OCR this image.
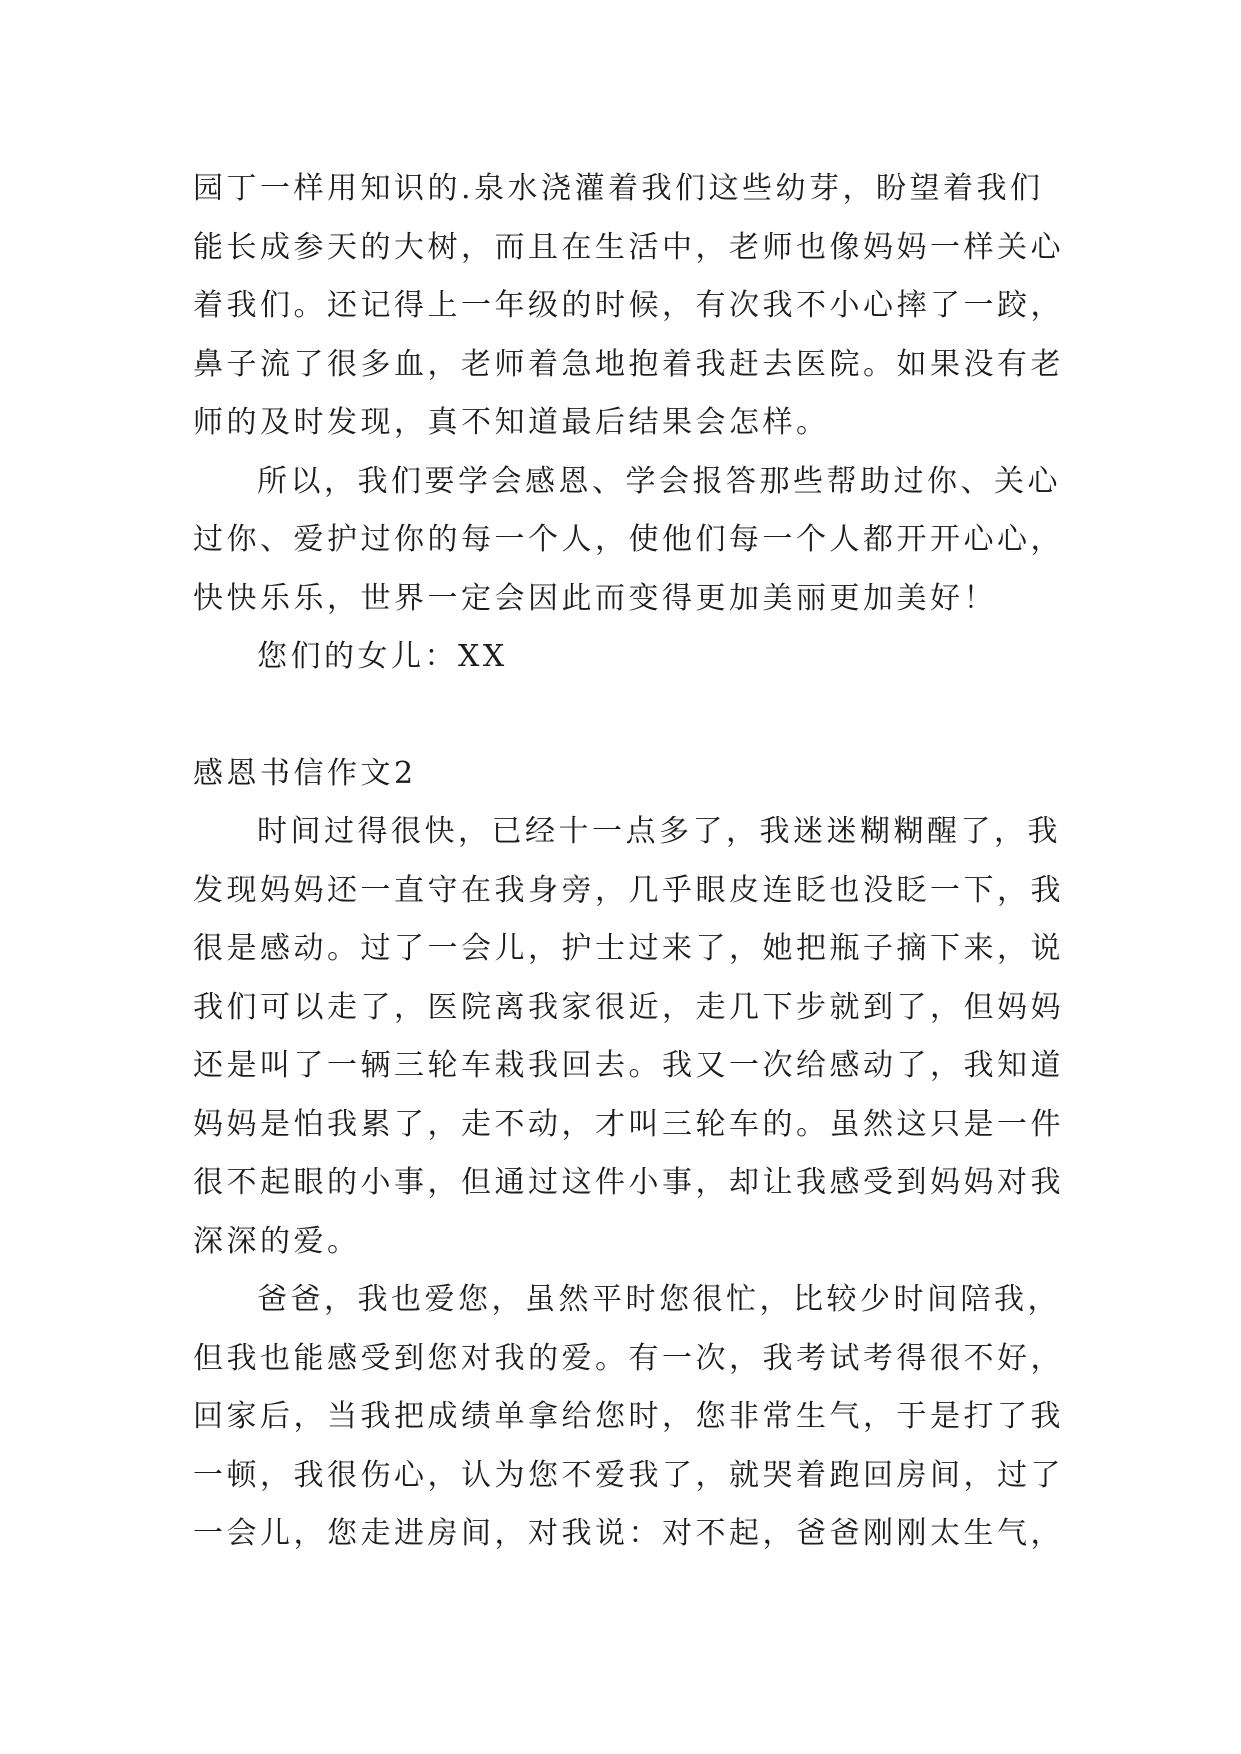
园丁一样用知识的.泉水浇灌着我们这些幼芽，盼望着我们
能长成参天的大树，而且在生活中，老师也像妈妈一样关心
着我们。还记得上一年级的时候，有次我不小心摔了一跤，
鼻子流了很多血，老师着急地抱着我赶去医院。如果没有老
师的及时发现，真不知道最后结果会怎样。
所以，我们要学会感恩、学会报答那些帮助过你、关心
过你、爱护过你的每一个人，使他们每一个人都开开心心，
快快乐乐，世界一定会因此而变得更加美丽更加美好！
您们的女儿：XX
感恩书信作文2
时间过得很快，已经十一点多了，我迷迷糊糊醒了，我
发现妈妈还一直守在我身旁，几乎眼皮连眨也没眨一下，我
很是感动。过了一会儿，护士过来了，她把瓶子摘下来，说
我们可以走了，医院离我家很近，走几下步就到了，但妈妈
还是叫了一辆三轮车栽我回去。我又一次给感动了，我知道
妈妈是怕我累了，走不动，才叫三轮车的。虽然这只是一件
很不起眼的小事，但通过这件小事，却让我感受到妈妈对我
深深的爱。
爸爸，我也爱您，虽然平时您很忙，比较少时间陪我，
但我也能感受到您对我的爱。有一次，我考试考得很不好，
回家后，当我把成绩单拿给您时，您非常生气，于是打了我
一顿，我很伤心，认为您不爱我了，就哭着跑回房间，过了
一会儿，您走进房间，对我说：对不起，爸爸刚刚太生气，
